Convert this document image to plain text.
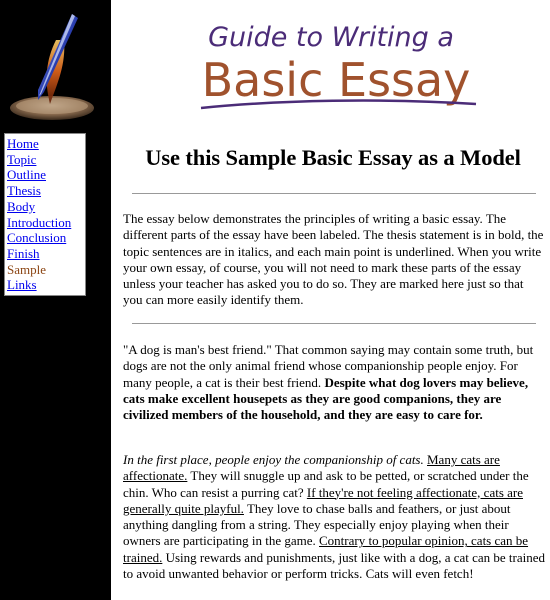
Home
Topic
Outline
Thesis
Body
Introduction
Conclusion
Finish
Sample
Links
Guide to Writing a
Basic Essay
Use this Sample Basic Essay as a Model

The essay below demonstrates the principles of writing a basic essay. The different parts of the essay have been labeled. The thesis statement is in bold, the topic sentences are in italics, and each main point is underlined. When you write your own essay, of course, you will not need to mark these parts of the essay unless your teacher has asked you to do so. They are marked here just so that you can more easily identify them.

"A dog is man's best friend." That common saying may contain some truth, but dogs are not the only animal friend whose companionship people enjoy. For many people, a cat is their best friend. Despite what dog lovers may believe, cats make excellent housepets as they are good companions, they are civilized members of the household, and they are easy to care for.

In the first place, people enjoy the companionship of cats. Many cats are affectionate. They will snuggle up and ask to be petted, or scratched under the chin. Who can resist a purring cat? If they're not feeling affectionate, cats are generally quite playful. They love to chase balls and feathers, or just about anything dangling from a string. They especially enjoy playing when their owners are participating in the game. Contrary to popular opinion, cats can be trained. Using rewards and punishments, just like with a dog, a cat can be trained to avoid unwanted behavior or perform tricks. Cats will even fetch!
